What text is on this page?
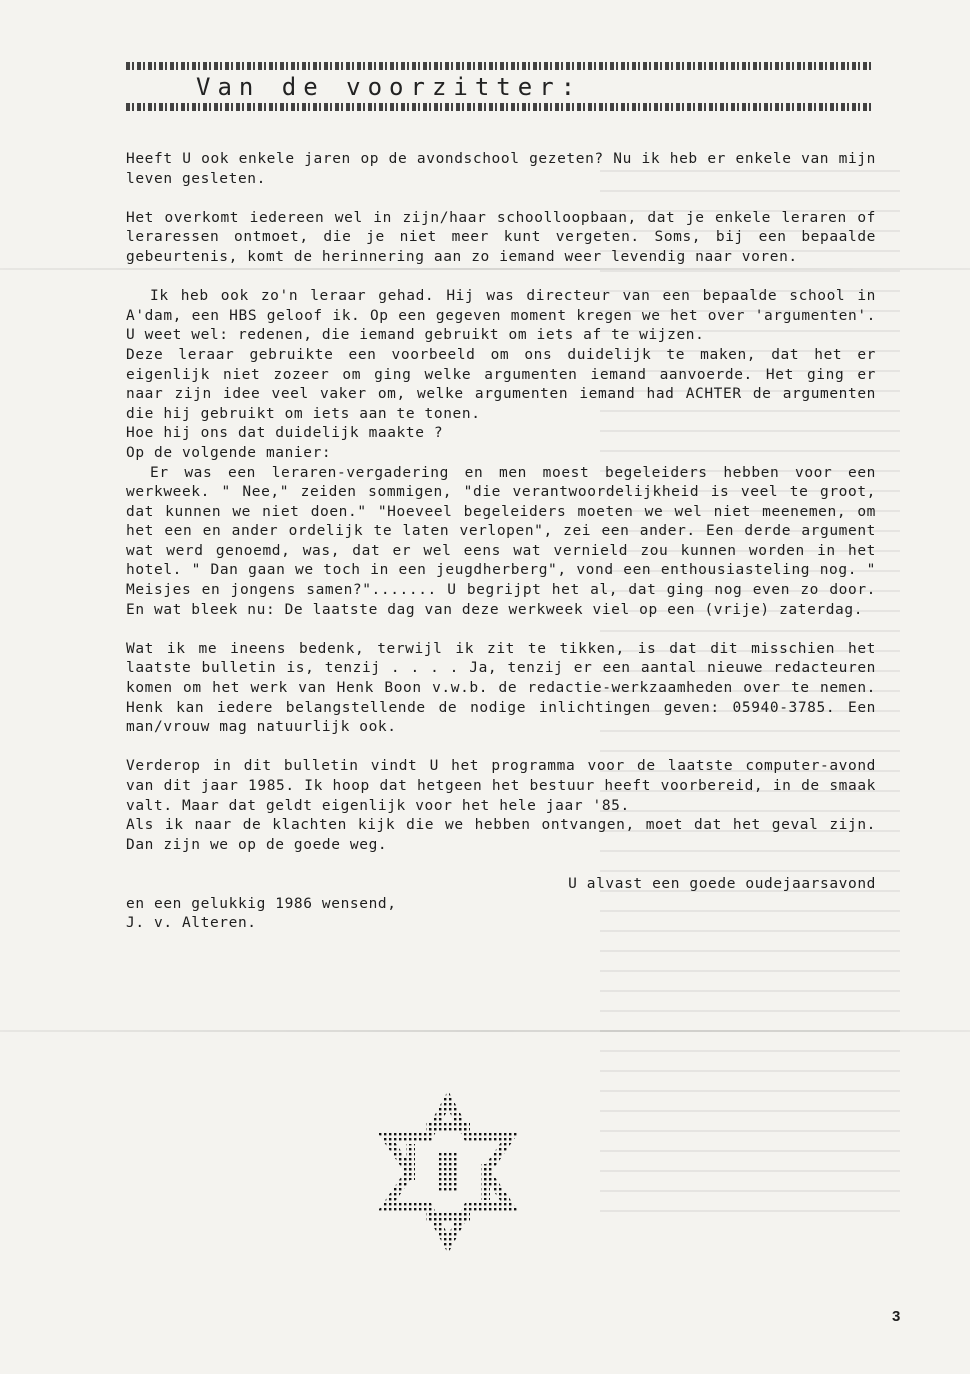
Van de voorzitter:

Heeft U ook enkele jaren op de avondschool gezeten? Nu ik heb er enkele van mijn leven gesleten.

Het overkomt iedereen wel in zijn/haar schoolloopbaan, dat je enkele leraren of leraressen ontmoet, die je niet meer kunt vergeten. Soms, bij een bepaalde gebeurtenis, komt de herinnering aan zo iemand weer levendig naar voren.

Ik heb ook zo'n leraar gehad. Hij was directeur van een bepaalde school in A'dam, een HBS geloof ik. Op een gegeven moment kregen we het over 'argumenten'. U weet wel: redenen, die iemand gebruikt om iets af te wijzen.

Deze leraar gebruikte een voorbeeld om ons duidelijk te maken, dat het er eigenlijk niet zozeer om ging welke argumenten iemand aanvoerde. Het ging er naar zijn idee veel vaker om, welke argumenten iemand had ACHTER de argumenten die hij gebruikt om iets aan te tonen.

Hoe hij ons dat duidelijk maakte ?

Op de volgende manier:

Er was een leraren-vergadering en men moest begeleiders hebben voor een werkweek. " Nee," zeiden sommigen, "die verantwoordelijkheid is veel te groot, dat kunnen we niet doen." "Hoeveel begeleiders moeten we wel niet meenemen, om het een en ander ordelijk te laten verlopen", zei een ander. Een derde argument wat werd genoemd, was, dat er wel eens wat vernield zou kunnen worden in het hotel. " Dan gaan we toch in een jeugdherberg", vond een enthousiasteling nog. " Meisjes en jongens samen?"....... U begrijpt het al, dat ging nog even zo door. En wat bleek nu: De laatste dag van deze werkweek viel op een (vrije) zaterdag.

Wat ik me ineens bedenk, terwijl ik zit te tikken, is dat dit misschien het laatste bulletin is, tenzij . . . . Ja, tenzij er een aantal nieuwe redacteuren komen om het werk van Henk Boon v.w.b. de redactie-werkzaamheden over te nemen. Henk kan iedere belangstellende de nodige inlichtingen geven: 05940-3785. Een man/vrouw mag natuurlijk ook.

Verderop in dit bulletin vindt U het programma voor de laatste computer-avond van dit jaar 1985. Ik hoop dat hetgeen het bestuur heeft voorbereid, in de smaak valt. Maar dat geldt eigenlijk voor het hele jaar '85.

Als ik naar de klachten kijk die we hebben ontvangen, moet dat het geval zijn. Dan zijn we op de goede weg.

U alvast een goede oudejaarsavond

en een gelukkig 1986 wensend,

J. v. Alteren.

3
